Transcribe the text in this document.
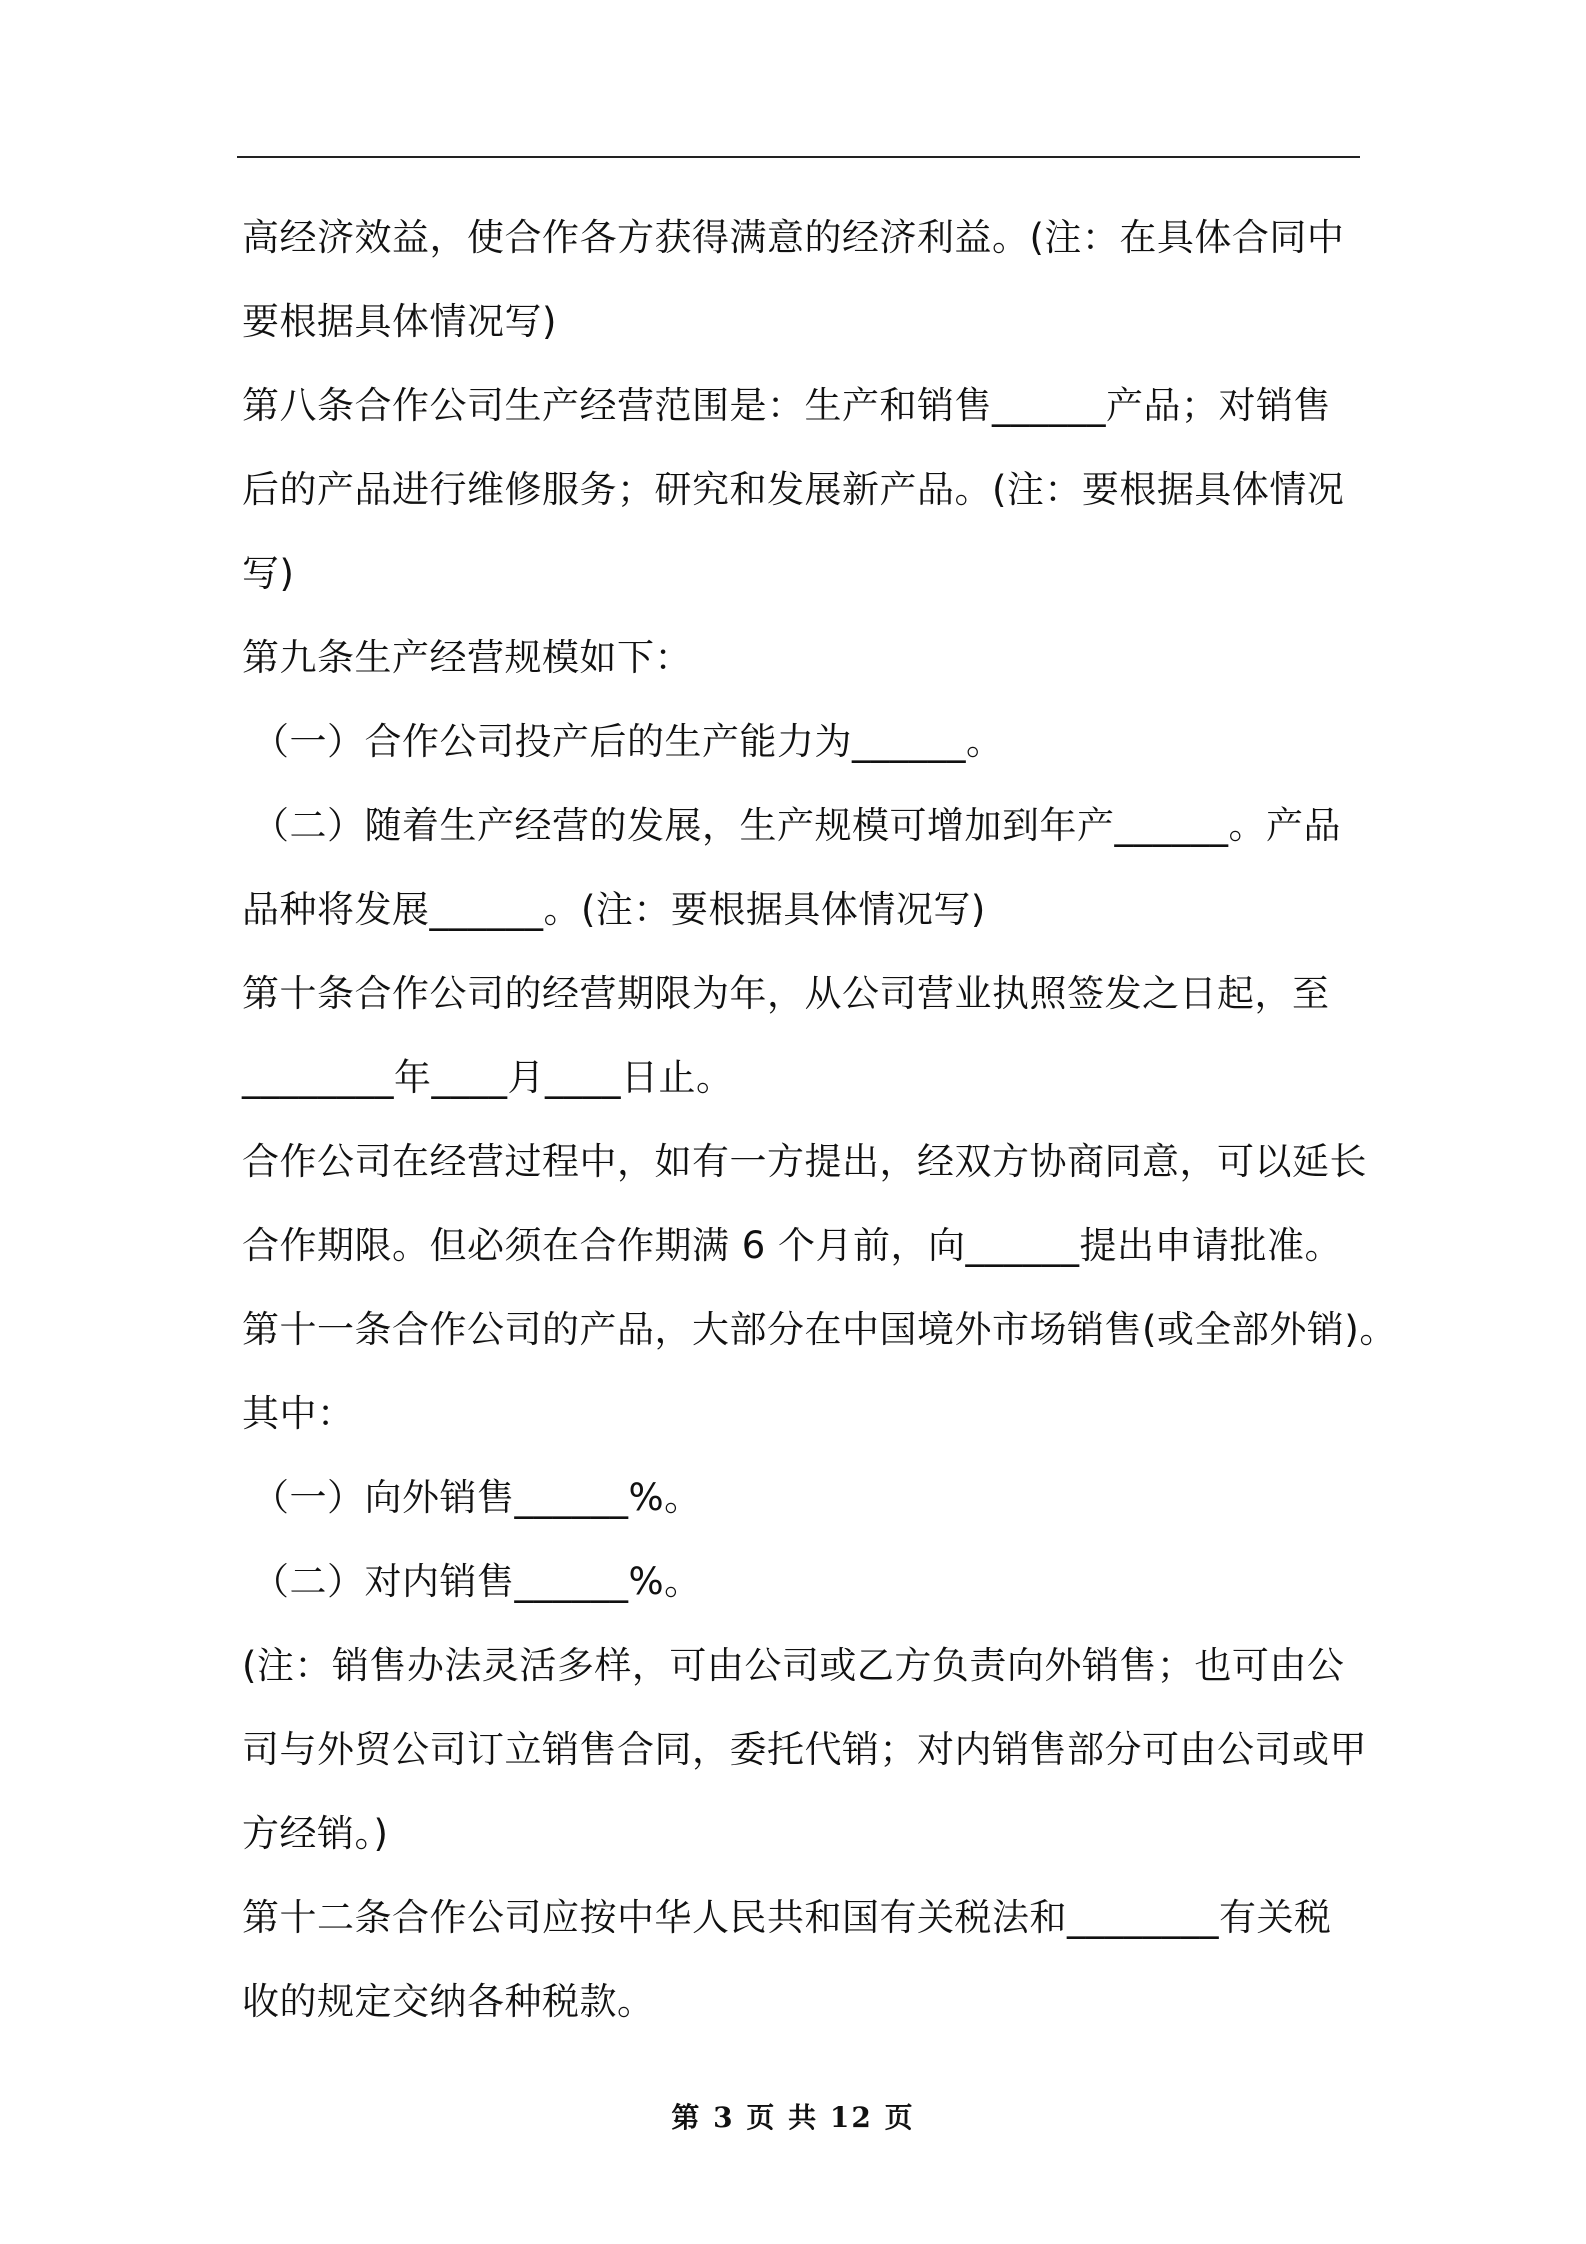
高经济效益，使合作各方获得满意的经济利益。(注：在具体合同中
要根据具体情况写)
第八条合作公司生产经营范围是：生产和销售______产品；对销售
后的产品进行维修服务；研究和发展新产品。(注：要根据具体情况
写)
第九条生产经营规模如下：
（一）合作公司投产后的生产能力为______。
（二）随着生产经营的发展，生产规模可增加到年产______。产品
品种将发展______。(注：要根据具体情况写)
第十条合作公司的经营期限为年，从公司营业执照签发之日起，至
________年____月____日止。
合作公司在经营过程中，如有一方提出，经双方协商同意，可以延长
合作期限。但必须在合作期满 6 个月前，向______提出申请批准。
第十一条合作公司的产品，大部分在中国境外市场销售(或全部外销)。
其中：
（一）向外销售______%。
（二）对内销售______%。
(注：销售办法灵活多样，可由公司或乙方负责向外销售；也可由公
司与外贸公司订立销售合同，委托代销；对内销售部分可由公司或甲
方经销。)
第十二条合作公司应按中华人民共和国有关税法和________有关税
收的规定交纳各种税款。
第 3 页 共 12 页
